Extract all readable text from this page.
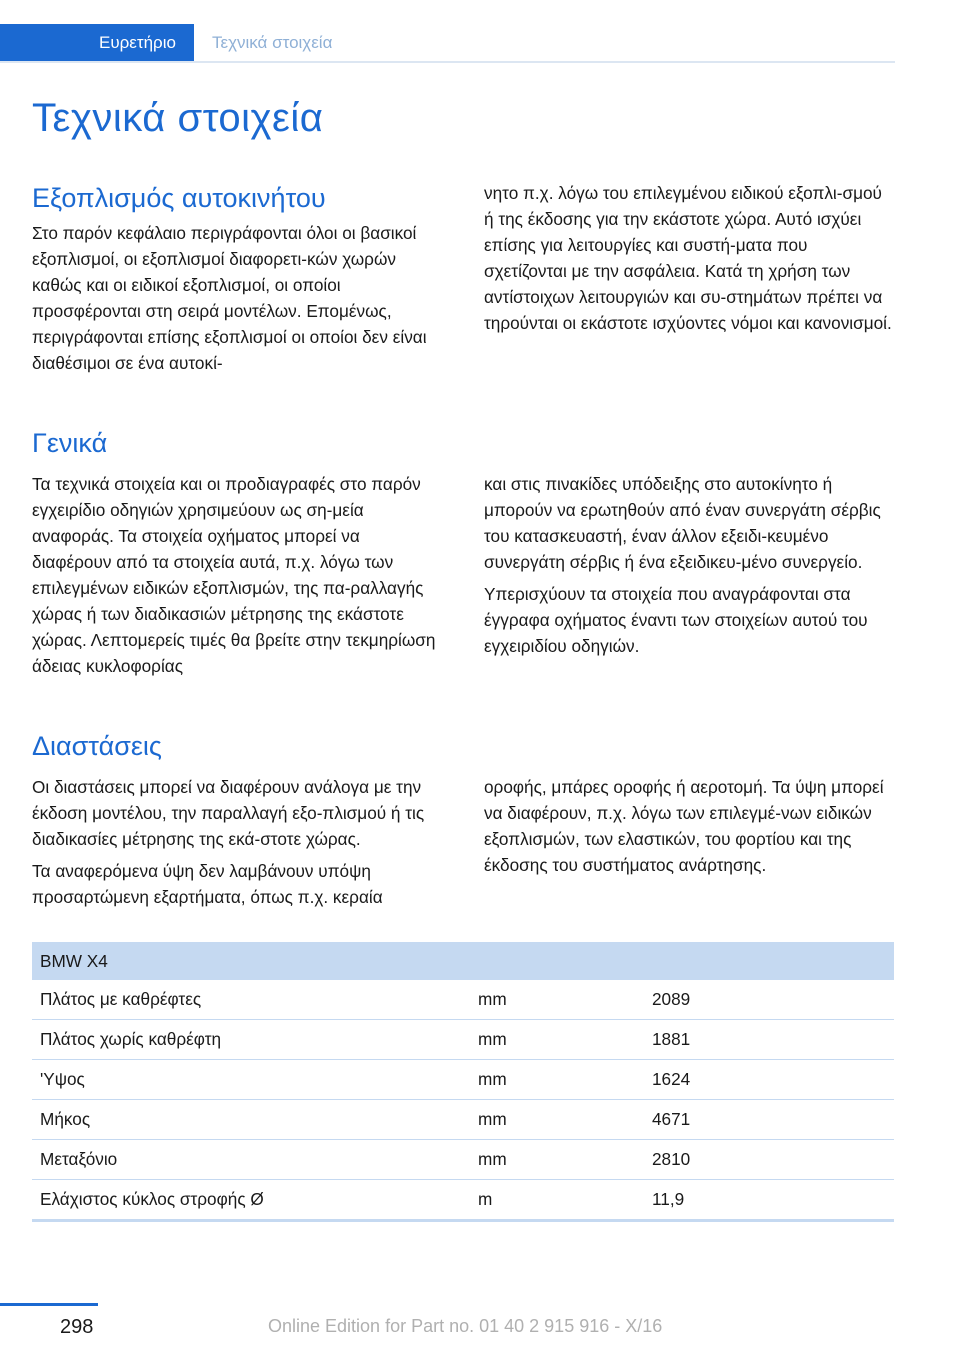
Ευρετήριο	Τεχνικά στοιχεία
Τεχνικά στοιχεία
Εξοπλισμός αυτοκινήτου

Στο παρόν κεφάλαιο περιγράφονται όλοι οι βασικοί εξοπλισμοί, οι εξοπλισμοί διαφορετι-κών χωρών καθώς και οι ειδικοί εξοπλισμοί, οι οποίοι προσφέρονται στη σειρά μοντέλων. Επομένως, περιγράφονται επίσης εξοπλισμοί οι οποίοι δεν είναι διαθέσιμοι σε ένα αυτοκί-

νητο π.χ. λόγω του επιλεγμένου ειδικού εξοπλι-σμού ή της έκδοσης για την εκάστοτε χώρα. Αυτό ισχύει επίσης για λειτουργίες και συστή-ματα που σχετίζονται με την ασφάλεια. Κατά τη χρήση των αντίστοιχων λειτουργιών και συ-στημάτων πρέπει να τηρούνται οι εκάστοτε ισχύοντες νόμοι και κανονισμοί.

Γενικά

Τα τεχνικά στοιχεία και οι προδιαγραφές στο παρόν εγχειρίδιο οδηγιών χρησιμεύουν ως ση-μεία αναφοράς. Τα στοιχεία οχήματος μπορεί να διαφέρουν από τα στοιχεία αυτά, π.χ. λόγω των επιλεγμένων ειδικών εξοπλισμών, της πα-ραλλαγής χώρας ή των διαδικασιών μέτρησης της εκάστοτε χώρας. Λεπτομερείς τιμές θα βρείτε στην τεκμηρίωση άδειας κυκλοφορίας

και στις πινακίδες υπόδειξης στο αυτοκίνητο ή μπορούν να ερωτηθούν από έναν συνεργάτη σέρβις του κατασκευαστή, έναν άλλον εξειδι-κευμένο συνεργάτη σέρβις ή ένα εξειδικευ-μένο συνεργείο.

Υπερισχύουν τα στοιχεία που αναγράφονται στα έγγραφα οχήματος έναντι των στοιχείων αυτού του εγχειριδίου οδηγιών.

Διαστάσεις

Οι διαστάσεις μπορεί να διαφέρουν ανάλογα με την έκδοση μοντέλου, την παραλλαγή εξο-πλισμού ή τις διαδικασίες μέτρησης της εκά-στοτε χώρας.

Τα αναφερόμενα ύψη δεν λαμβάνουν υπόψη προσαρτώμενη εξαρτήματα, όπως π.χ. κεραία

οροφής, μπάρες οροφής ή αεροτομή. Τα ύψη μπορεί να διαφέρουν, π.χ. λόγω των επιλεγμέ-νων ειδικών εξοπλισμών, των ελαστικών, του φορτίου και της έκδοσης του συστήματος ανάρτησης.

BMW X4		
Πλάτος με καθρέφτες	mm	2089
Πλάτος χωρίς καθρέφτη	mm	1881
'Υψος	mm	1624
Μήκος	mm	4671
Μεταξόνιο	mm	2810
Ελάχιστος κύκλος στροφής Ø	m	11,9
298	Online Edition for Part no. 01 40 2 915 916 - X/16
